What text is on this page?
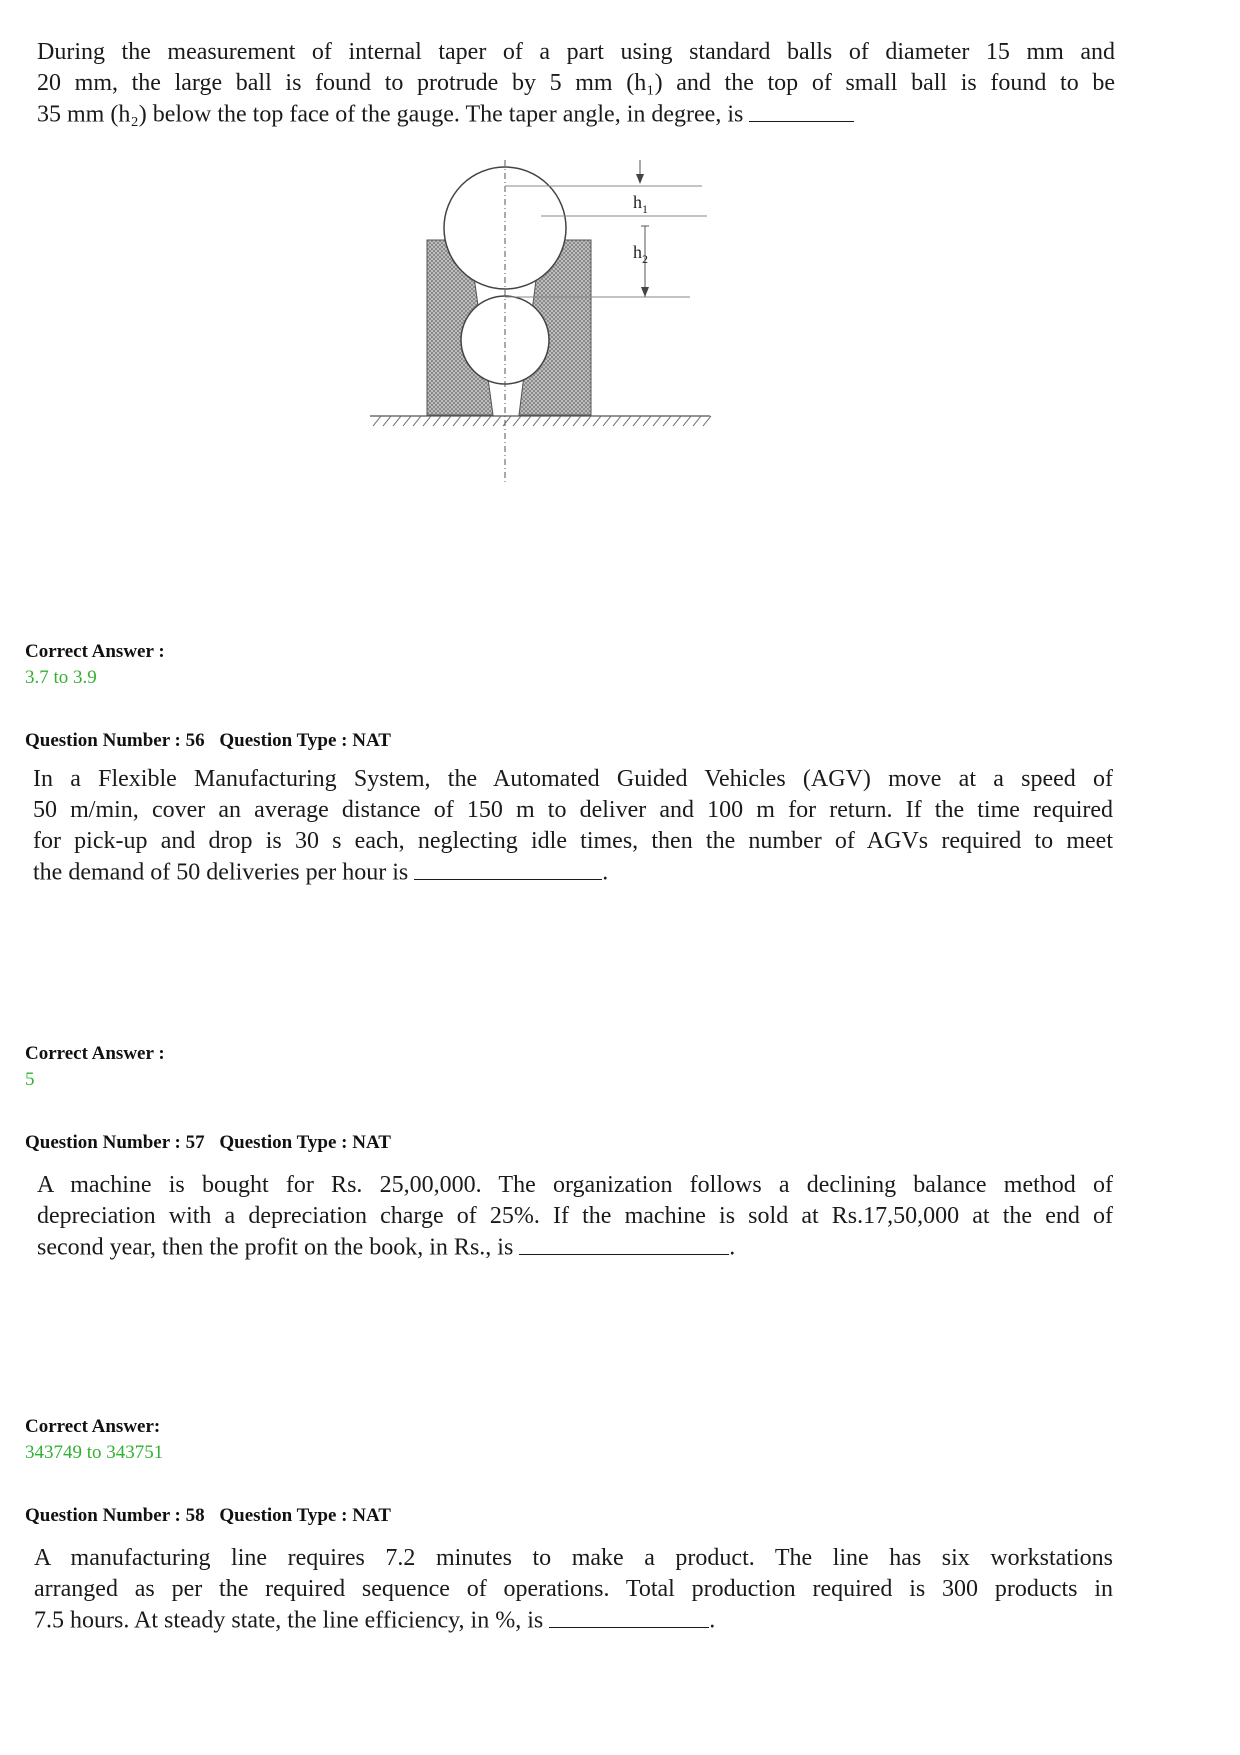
During the measurement of internal taper of a part using standard balls of diameter 15 mm and
20 mm, the large ball is found to protrude by 5 mm (h₁) and the top of small ball is found to be
35 mm (h₂) below the top face of the gauge. The taper angle, in degree, is
$h_1$
$h_2$
Correct Answer :
3.7 to 3.9
Question Number : 56 Question Type : NAT
In a Flexible Manufacturing System, the Automated Guided Vehicles (AGV) move at a speed of
50 m/min, cover an average distance of 150 m to deliver and 100 m for return. If the time required
for pick-up and drop is 30 s each, neglecting idle times, then the number of AGVs required to meet
the demand of 50 deliveries per hour is	.
Correct Answer :
5
Question Number : 57 Question Type : NAT
A machine is bought for Rs. 25,00,000. The organization follows a declining balance method of
depreciation with a depreciation charge of 25%. If the machine is sold at Rs.17,50,000 at the end of
second year, then the profit on the book, in Rs., is	.
Correct Answer:
343749 to 343751
Question Number : 58 Question Type : NAT
A manufacturing line requires 7.2 minutes to make a product. The line has six workstations
arranged as per the required sequence of operations. Total production required is 300 products in
7.5 hours. At steady state, the line efficiency, in %, is	.
